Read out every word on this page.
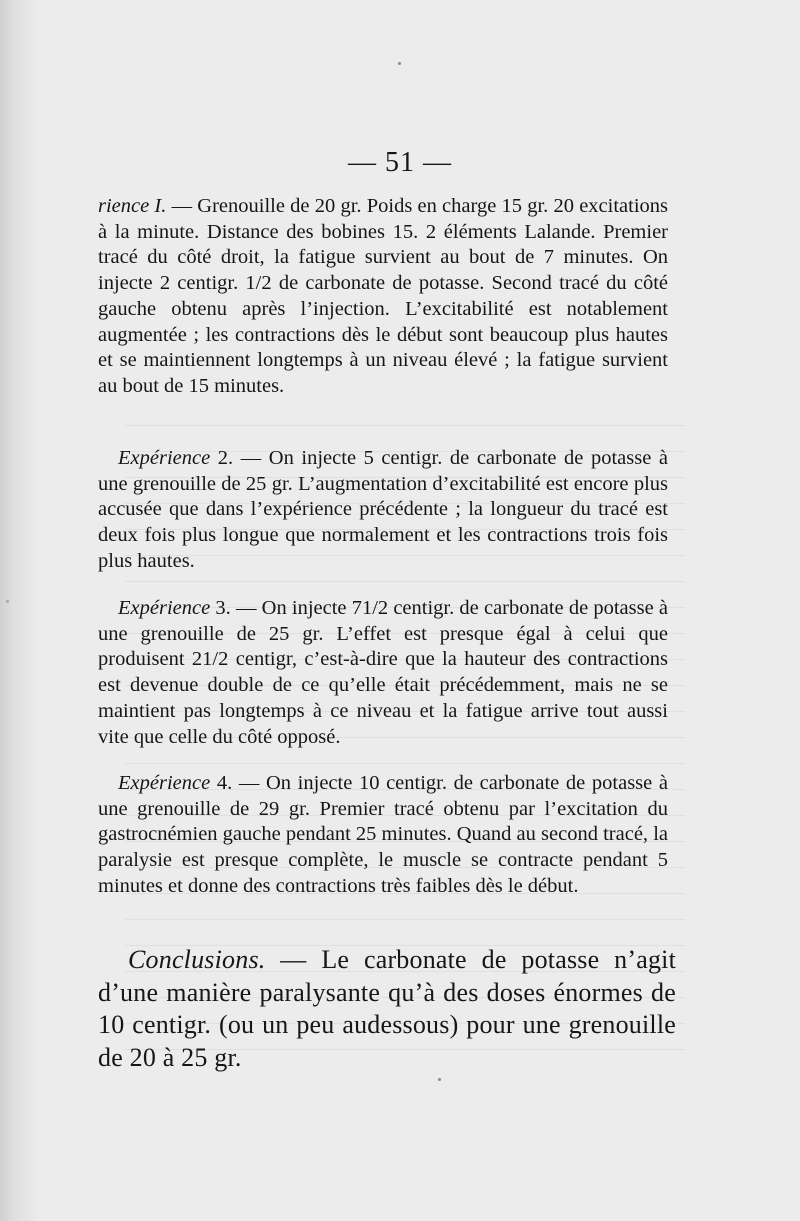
— 51 —

rience I. — Grenouille de 20 gr. Poids en charge 15 gr. 20 excitations à la minute. Distance des bobines 15. 2 éléments Lalande. Premier tracé du côté droit, la fatigue survient au bout de 7 minutes. On injecte 2 centigr. 1/2 de carbonate de potasse. Second tracé du côté gauche obtenu après l’injection. L’excitabilité est notablement augmentée ; les contractions dès le début sont beaucoup plus hautes et se maintiennent longtemps à un niveau élevé ; la fatigue survient au bout de 15 minutes.

Expérience 2. — On injecte 5 centigr. de carbonate de potasse à une grenouille de 25 gr. L’augmentation d’excitabilité est encore plus accusée que dans l’expérience précédente ; la longueur du tracé est deux fois plus longue que normalement et les contractions trois fois plus hautes.

Expérience 3. — On injecte 71/2 centigr. de carbonate de potasse à une grenouille de 25 gr. L’effet est presque égal à celui que produisent 21/2 centigr, c’est-à-dire que la hauteur des contractions est devenue double de ce qu’elle était précédemment, mais ne se maintient pas longtemps à ce niveau et la fatigue arrive tout aussi vite que celle du côté opposé.

Expérience 4. — On injecte 10 centigr. de carbonate de potasse à une grenouille de 29 gr. Premier tracé obtenu par l’excitation du gastrocnémien gauche pendant 25 minutes. Quand au second tracé, la paralysie est presque complète, le muscle se contracte pendant 5 minutes et donne des contractions très faibles dès le début.

Conclusions. — Le carbonate de potasse n’agit d’une manière paralysante qu’à des doses énormes de 10 centigr. (ou un peu audessous) pour une grenouille de 20 à 25 gr.
